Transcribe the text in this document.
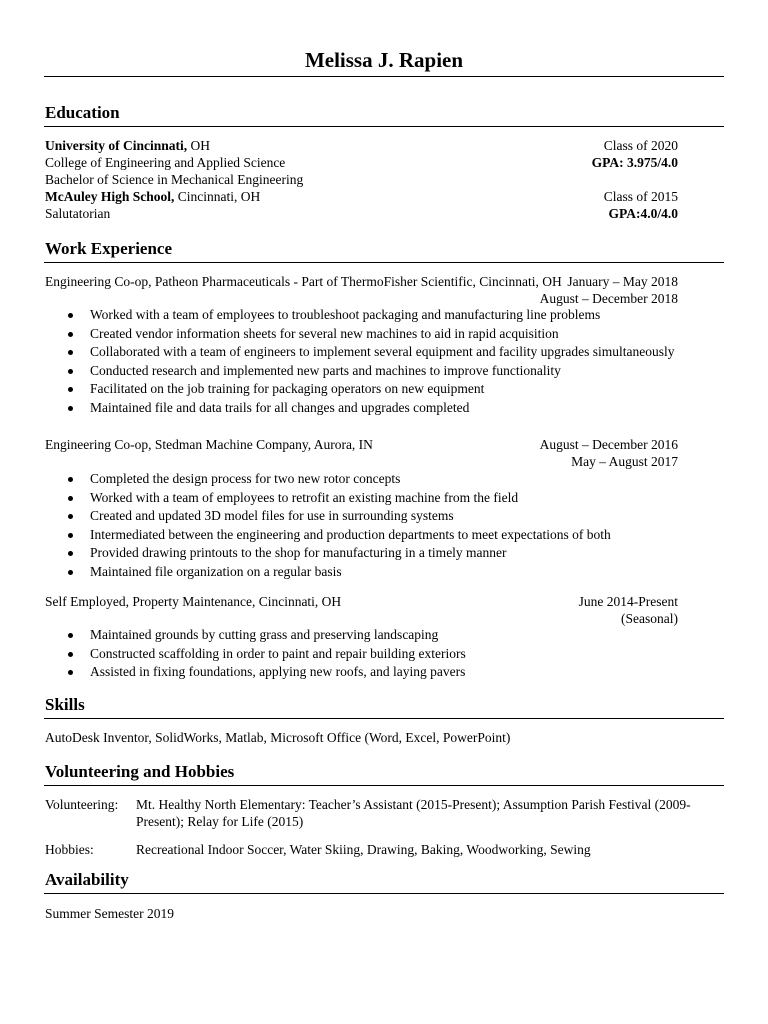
Melissa J. Rapien
Education
University of Cincinnati, OH	Class of 2020
College of Engineering and Applied Science	GPA: 3.975/4.0
Bachelor of Science in Mechanical Engineering
McAuley High School, Cincinnati, OH	Class of 2015
Salutatorian	GPA:4.0/4.0
Work Experience
Engineering Co-op, Patheon Pharmaceuticals - Part of ThermoFisher Scientific, Cincinnati, OH January – May 2018
August – December 2018
Worked with a team of employees to troubleshoot packaging and manufacturing line problems
Created vendor information sheets for several new machines to aid in rapid acquisition
Collaborated with a team of engineers to implement several equipment and facility upgrades simultaneously
Conducted research and implemented new parts and machines to improve functionality
Facilitated on the job training for packaging operators on new equipment
Maintained file and data trails for all changes and upgrades completed
Engineering Co-op, Stedman Machine Company, Aurora, IN	August – December 2016
May – August 2017
Completed the design process for two new rotor concepts
Worked with a team of employees to retrofit an existing machine from the field
Created and updated 3D model files for use in surrounding systems
Intermediated between the engineering and production departments to meet expectations of both
Provided drawing printouts to the shop for manufacturing in a timely manner
Maintained file organization on a regular basis
Self Employed, Property Maintenance, Cincinnati, OH	June 2014-Present
(Seasonal)
Maintained grounds by cutting grass and preserving landscaping
Constructed scaffolding in order to paint and repair building exteriors
Assisted in fixing foundations, applying new roofs, and laying pavers
Skills
AutoDesk Inventor, SolidWorks, Matlab, Microsoft Office (Word, Excel, PowerPoint)
Volunteering and Hobbies
Volunteering: Mt. Healthy North Elementary: Teacher’s Assistant (2015-Present); Assumption Parish Festival (2009-Present); Relay for Life (2015)
Hobbies:	Recreational Indoor Soccer, Water Skiing, Drawing, Baking, Woodworking, Sewing
Availability
Summer Semester 2019
